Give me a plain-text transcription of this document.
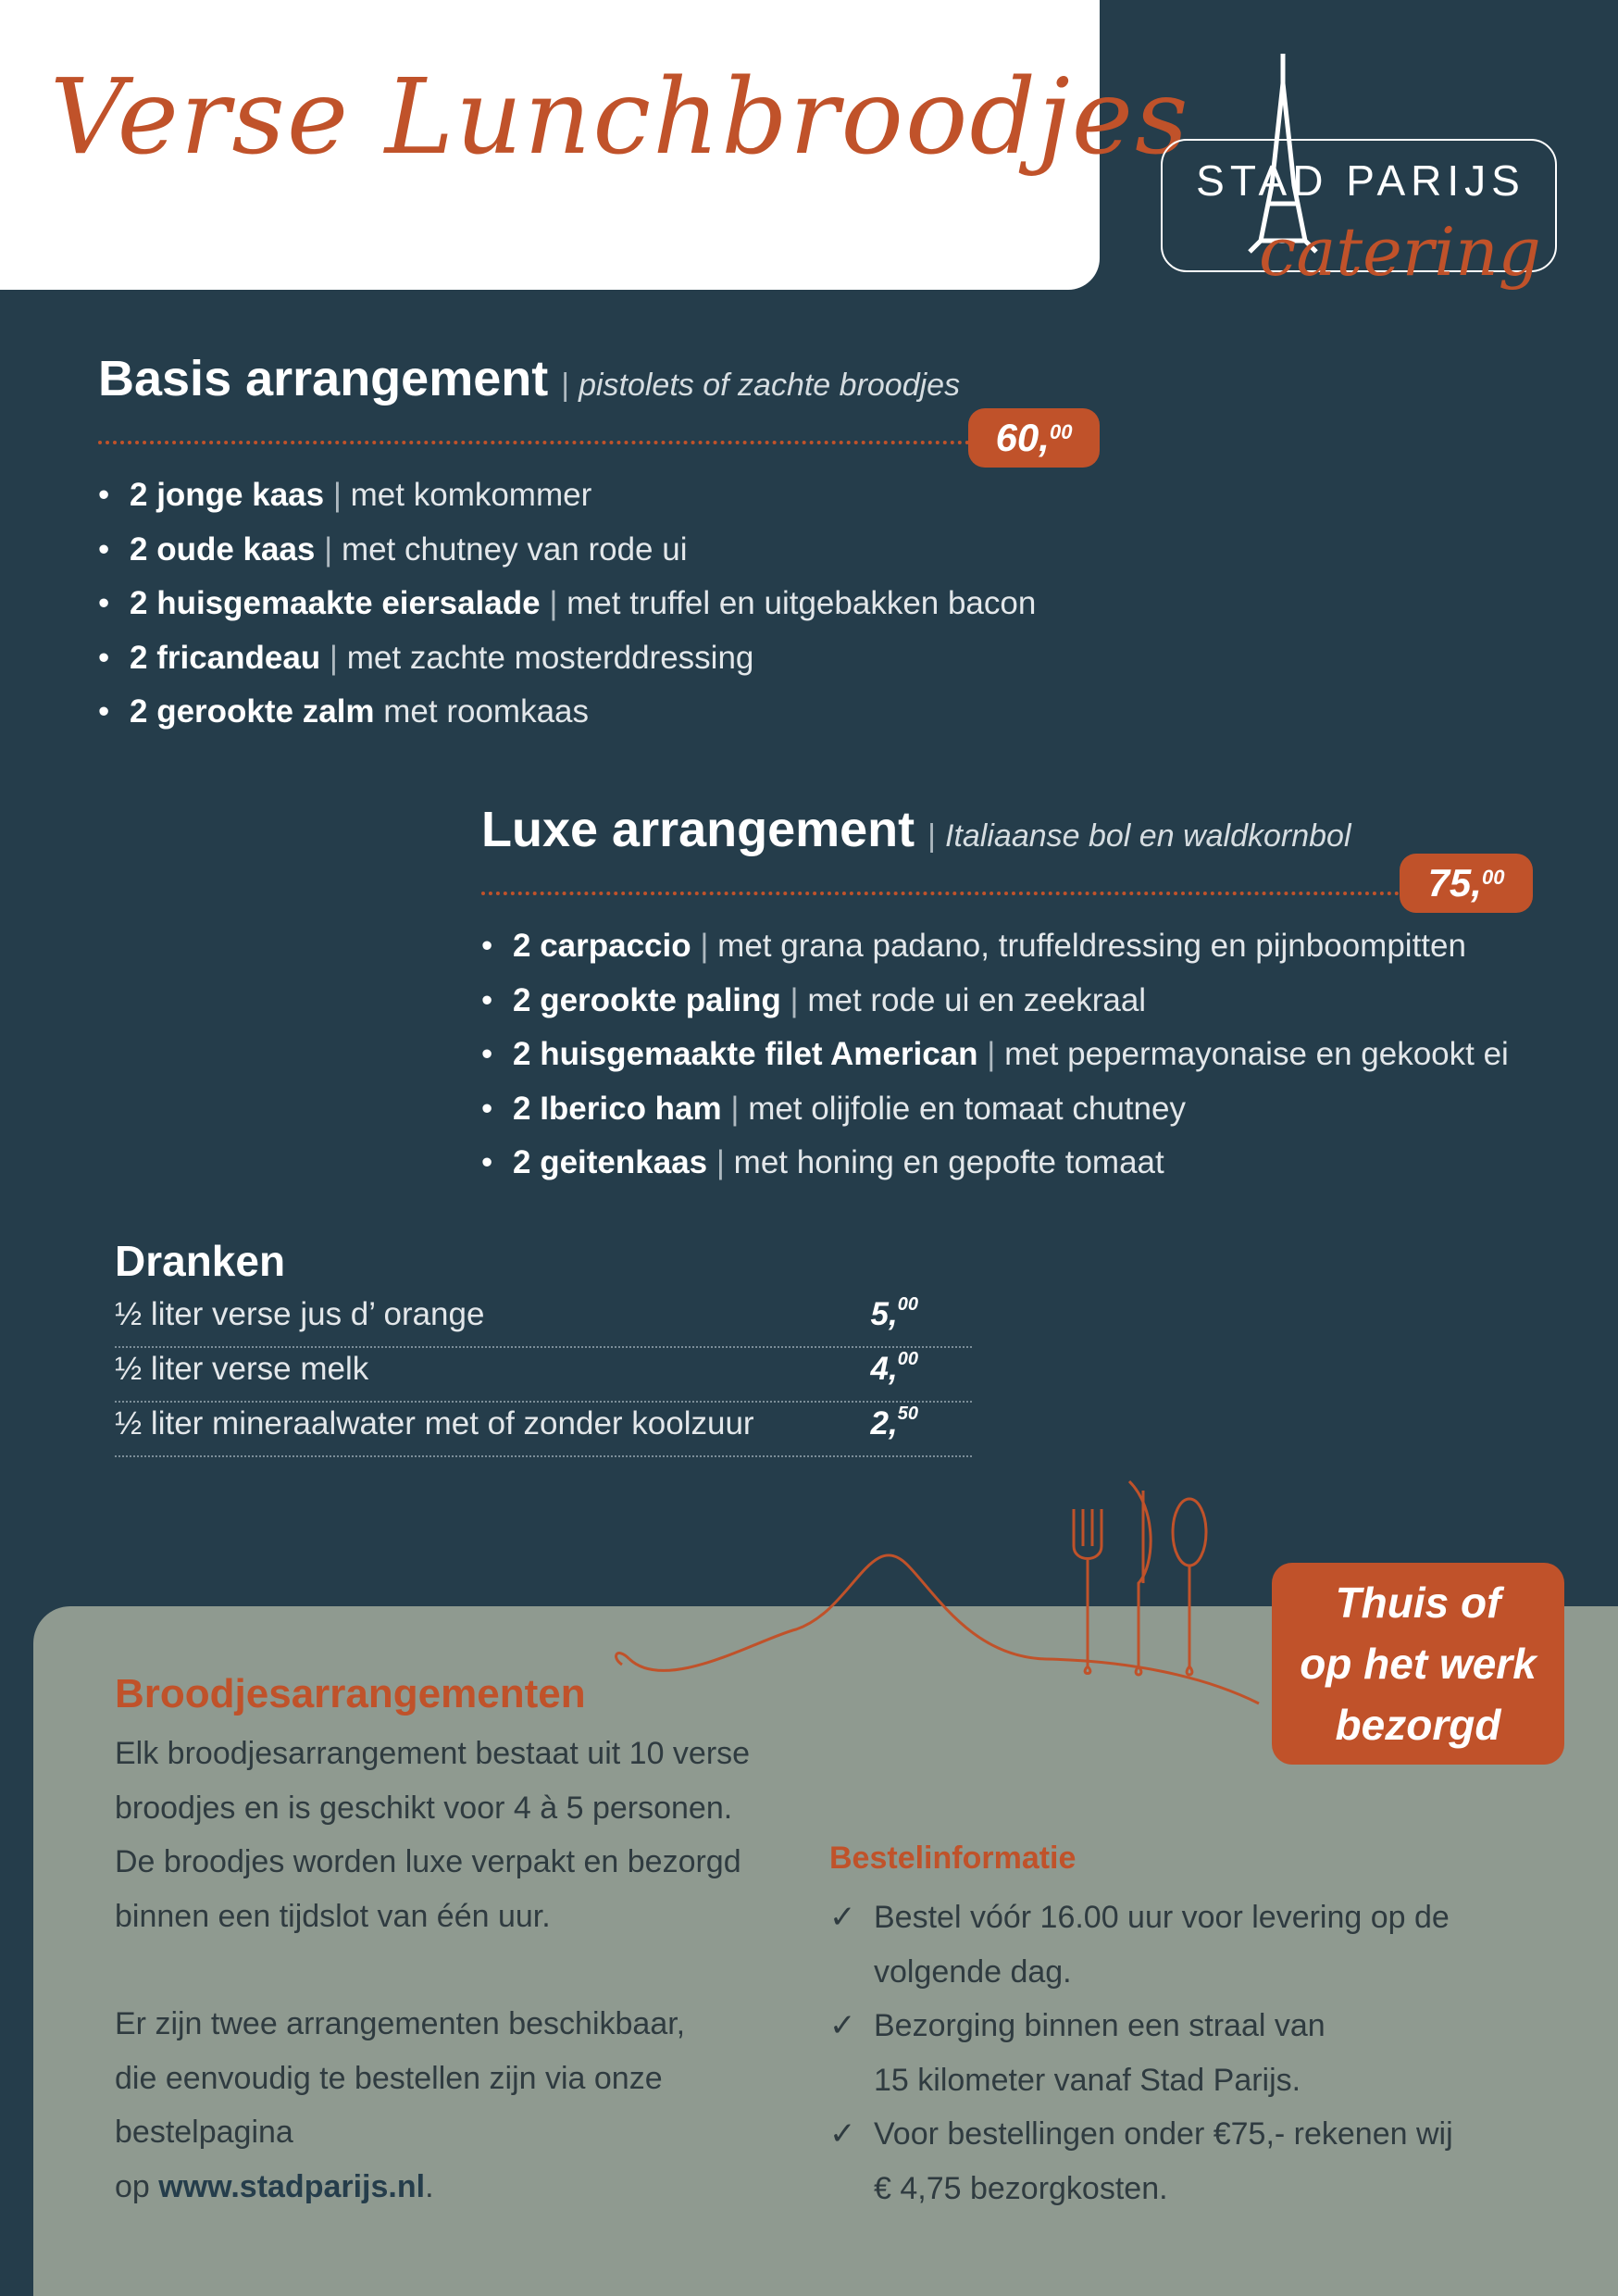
Verse Lunchbroodjes
STAD PARIJS
catering
Basis arrangement | pistolets of zachte broodjes
60,00
• 2 jonge kaas | met komkommer
• 2 oude kaas | met chutney van rode ui
• 2 huisgemaakte eiersalade | met truffel en uitgebakken bacon
• 2 fricandeau | met zachte mosterddressing
• 2 gerookte zalm met roomkaas
Luxe arrangement | Italiaanse bol en waldkornbol
75,00
• 2 carpaccio | met grana padano, truffeldressing en pijnboompitten
• 2 gerookte paling | met rode ui en zeekraal
• 2 huisgemaakte filet American | met pepermayonaise en gekookt ei
• 2 Iberico ham | met olijfolie en tomaat chutney
• 2 geitenkaas | met honing en gepofte tomaat
Dranken
½ liter verse jus d’ orange	5,00
½ liter verse melk	4,00
½ liter mineraalwater met of zonder koolzuur	2,50
Thuis of
op het werk
bezorgd
Broodjesarrangementen

Elk broodjesarrangement bestaat uit 10 verse

broodjes en is geschikt voor 4 à 5 personen.

De broodjes worden luxe verpakt en bezorgd

binnen een tijdslot van één uur.

Er zijn twee arrangementen beschikbaar,

die eenvoudig te bestellen zijn via onze

bestelpagina

op www.stadparijs.nl.

Bestelinformatie
✓ Bestel vóór 16.00 uur voor levering op de
volgende dag.
✓ Bezorging binnen een straal van
15 kilometer vanaf Stad Parijs.
✓ Voor bestellingen onder €75,- rekenen wij
€ 4,75 bezorgkosten.
